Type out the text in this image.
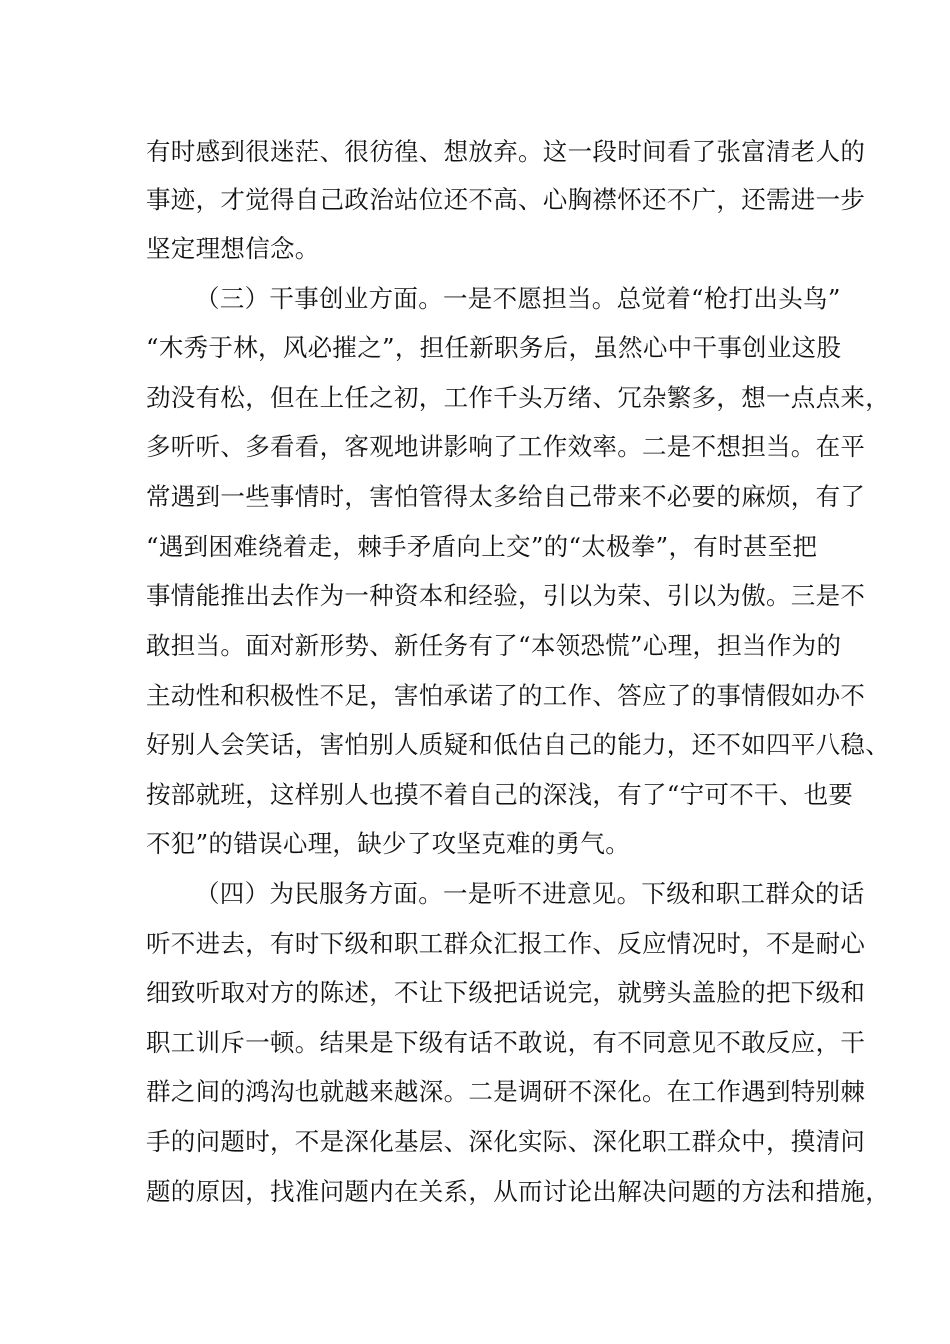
有时感到很迷茫、很彷徨、想放弃。这一段时间看了张富清老人的
事迹，才觉得自己政治站位还不高、心胸襟怀还不广，还需进一步
坚定理想信念。
（三）干事创业方面。一是不愿担当。总觉着“枪打出头鸟”
“木秀于林，风必摧之”，担任新职务后，虽然心中干事创业这股
劲没有松，但在上任之初，工作千头万绪、冗杂繁多，想一点点来，
多听听、多看看，客观地讲影响了工作效率。二是不想担当。在平
常遇到一些事情时，害怕管得太多给自己带来不必要的麻烦，有了
“遇到困难绕着走，棘手矛盾向上交”的“太极拳”，有时甚至把
事情能推出去作为一种资本和经验，引以为荣、引以为傲。三是不
敢担当。面对新形势、新任务有了“本领恐慌”心理，担当作为的
主动性和积极性不足，害怕承诺了的工作、答应了的事情假如办不
好别人会笑话，害怕别人质疑和低估自己的能力，还不如四平八稳、
按部就班，这样别人也摸不着自己的深浅，有了“宁可不干、也要
不犯”的错误心理，缺少了攻坚克难的勇气。
（四）为民服务方面。一是听不进意见。下级和职工群众的话
听不进去，有时下级和职工群众汇报工作、反应情况时，不是耐心
细致听取对方的陈述，不让下级把话说完，就劈头盖脸的把下级和
职工训斥一顿。结果是下级有话不敢说，有不同意见不敢反应，干
群之间的鸿沟也就越来越深。二是调研不深化。在工作遇到特别棘
手的问题时，不是深化基层、深化实际、深化职工群众中，摸清问
题的原因，找准问题内在关系，从而讨论出解决问题的方法和措施，
